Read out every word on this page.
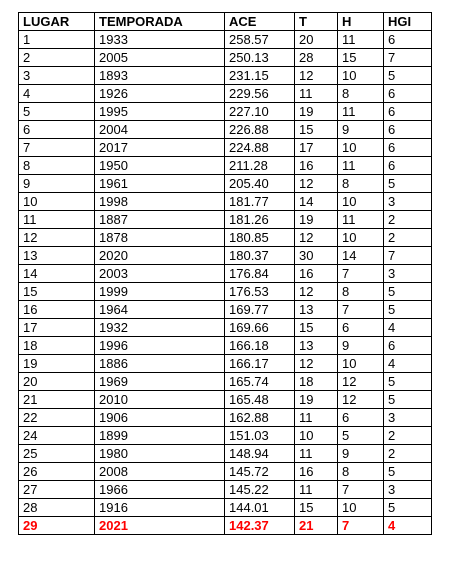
LUGAR	TEMPORADA	ACE	T	H	HGI
1	1933	258.57	20	11	6
2	2005	250.13	28	15	7
3	1893	231.15	12	10	5
4	1926	229.56	11	8	6
5	1995	227.10	19	11	6
6	2004	226.88	15	9	6
7	2017	224.88	17	10	6
8	1950	211.28	16	11	6
9	1961	205.40	12	8	5
10	1998	181.77	14	10	3
11	1887	181.26	19	11	2
12	1878	180.85	12	10	2
13	2020	180.37	30	14	7
14	2003	176.84	16	7	3
15	1999	176.53	12	8	5
16	1964	169.77	13	7	5
17	1932	169.66	15	6	4
18	1996	166.18	13	9	6
19	1886	166.17	12	10	4
20	1969	165.74	18	12	5
21	2010	165.48	19	12	5
22	1906	162.88	11	6	3
24	1899	151.03	10	5	2
25	1980	148.94	11	9	2
26	2008	145.72	16	8	5
27	1966	145.22	11	7	3
28	1916	144.01	15	10	5
29	2021	142.37	21	7	4
